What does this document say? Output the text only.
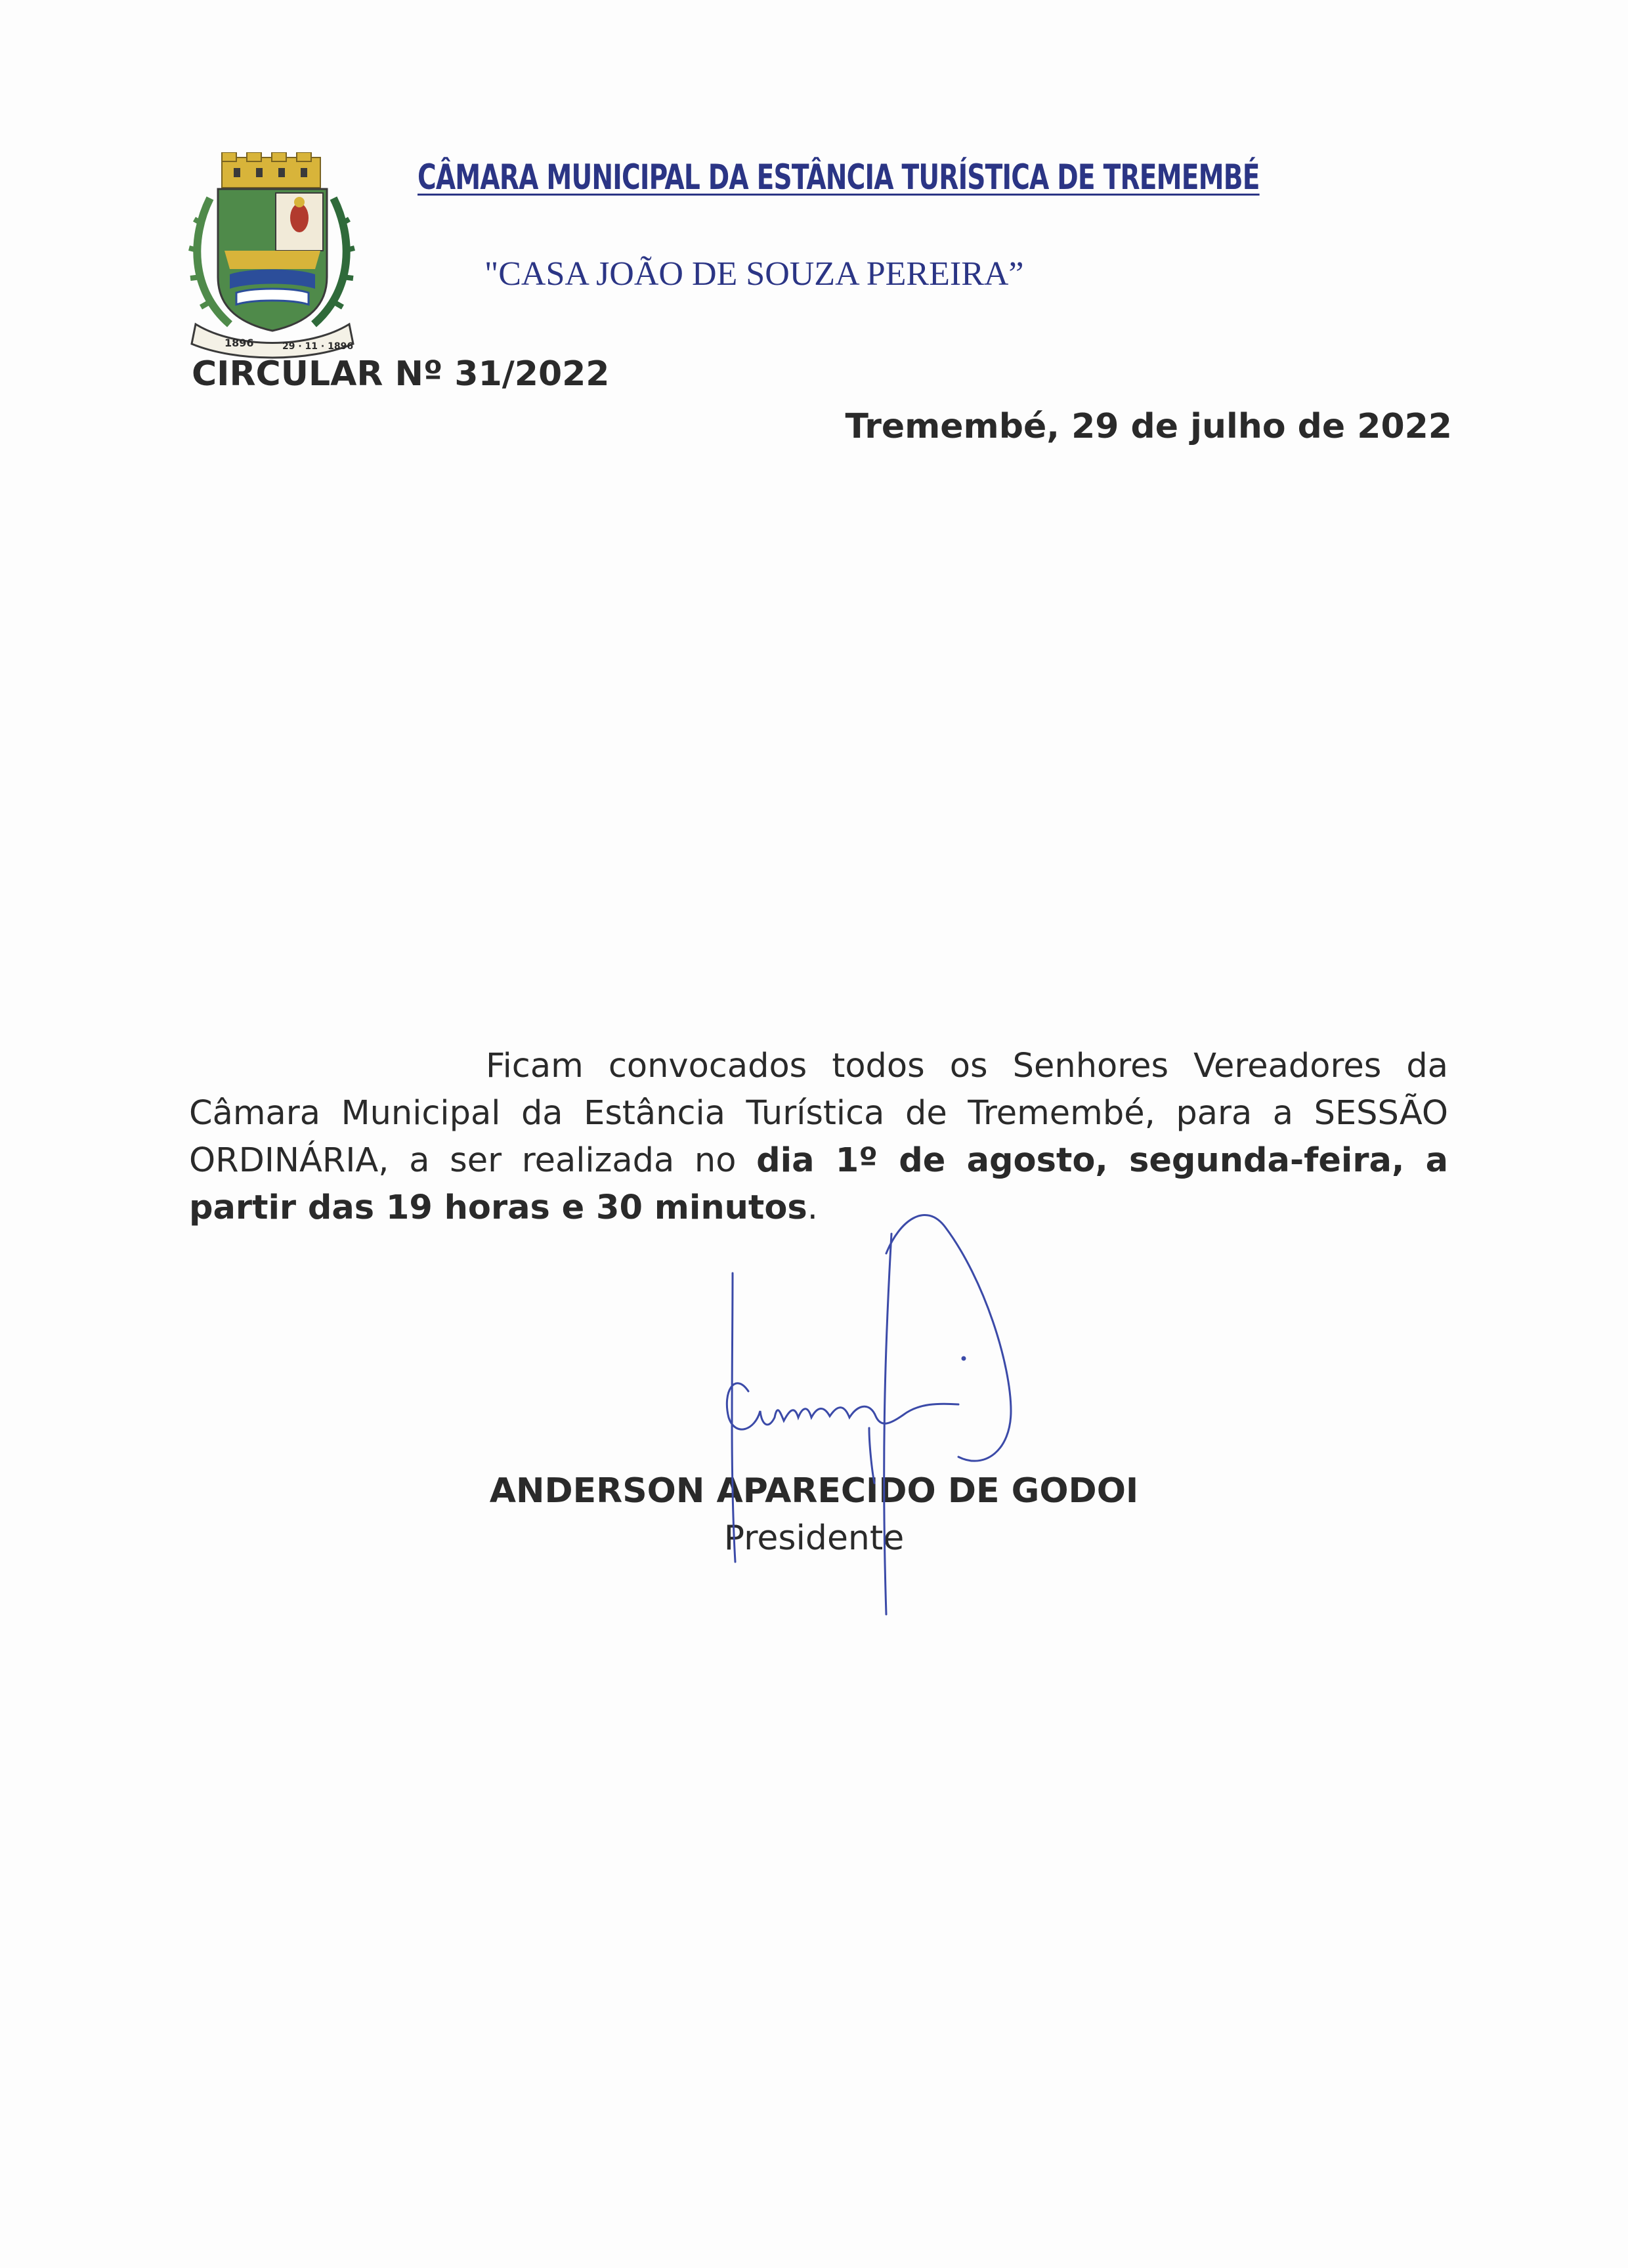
1896	29 · 11 · 1896
CÂMARA MUNICIPAL DA ESTÂNCIA TURÍSTICA DE TREMEMBÉ
"CASA JOÃO DE SOUZA PEREIRA”
CIRCULAR Nº 31/2022
Tremembé, 29 de julho de 2022

Ficam convocados todos os Senhores Vereadores da Câmara Municipal da Estância Turística de Tremembé, para a SESSÃO ORDINÁRIA, a ser realizada no dia 1º de agosto, segunda-feira, a partir das 19 horas e 30 minutos.

ANDERSON APARECIDO DE GODOI
Presidente
